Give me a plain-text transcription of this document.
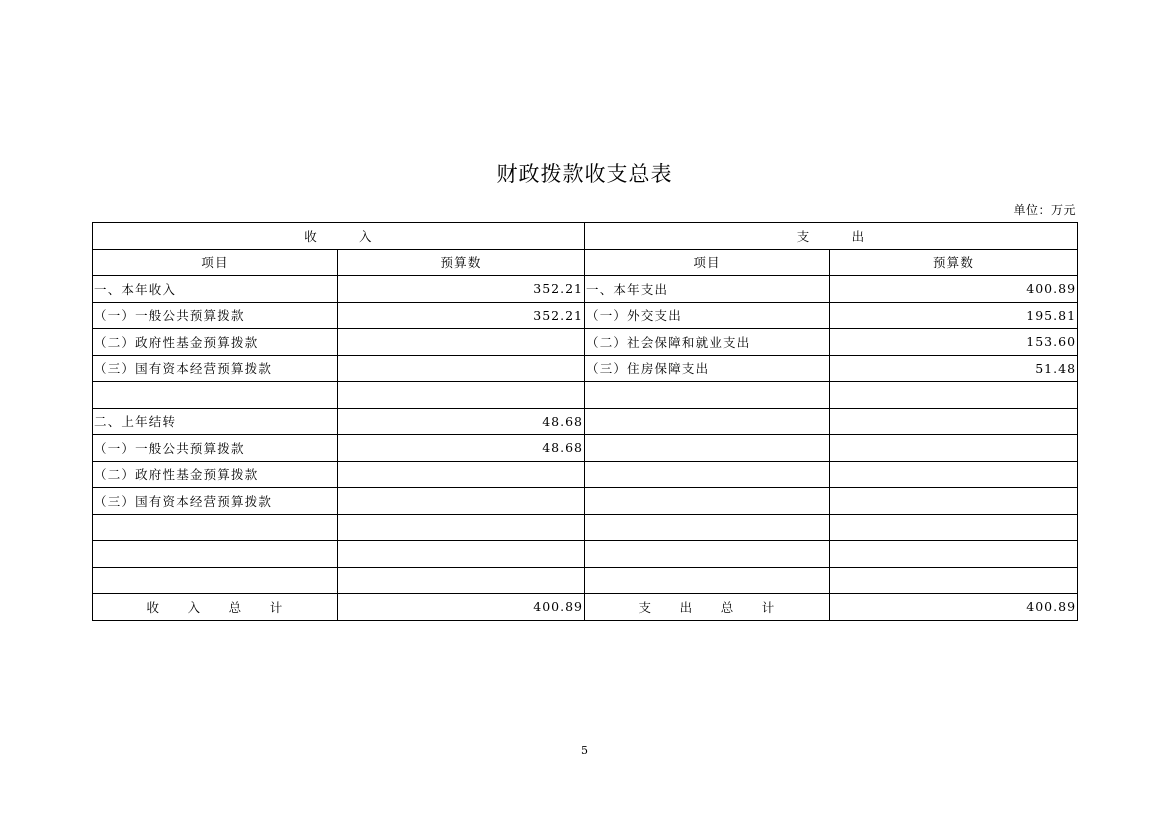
财政拨款收支总表
单位：万元
收　　　入		支　　　出	
项目	预算数	项目	预算数
一、本年收入	352.21	一、本年支出	400.89
（一）一般公共预算拨款	352.21	（一）外交支出	195.81
（二）政府性基金预算拨款		（二）社会保障和就业支出	153.60
（三）国有资本经营预算拨款		（三）住房保障支出	51.48

二、上年结转	48.68		
（一）一般公共预算拨款	48.68		
（二）政府性基金预算拨款			
（三）国有资本经营预算拨款			

收　　入　　总　　计	400.89	支　　出　　总　　计	400.89
5
